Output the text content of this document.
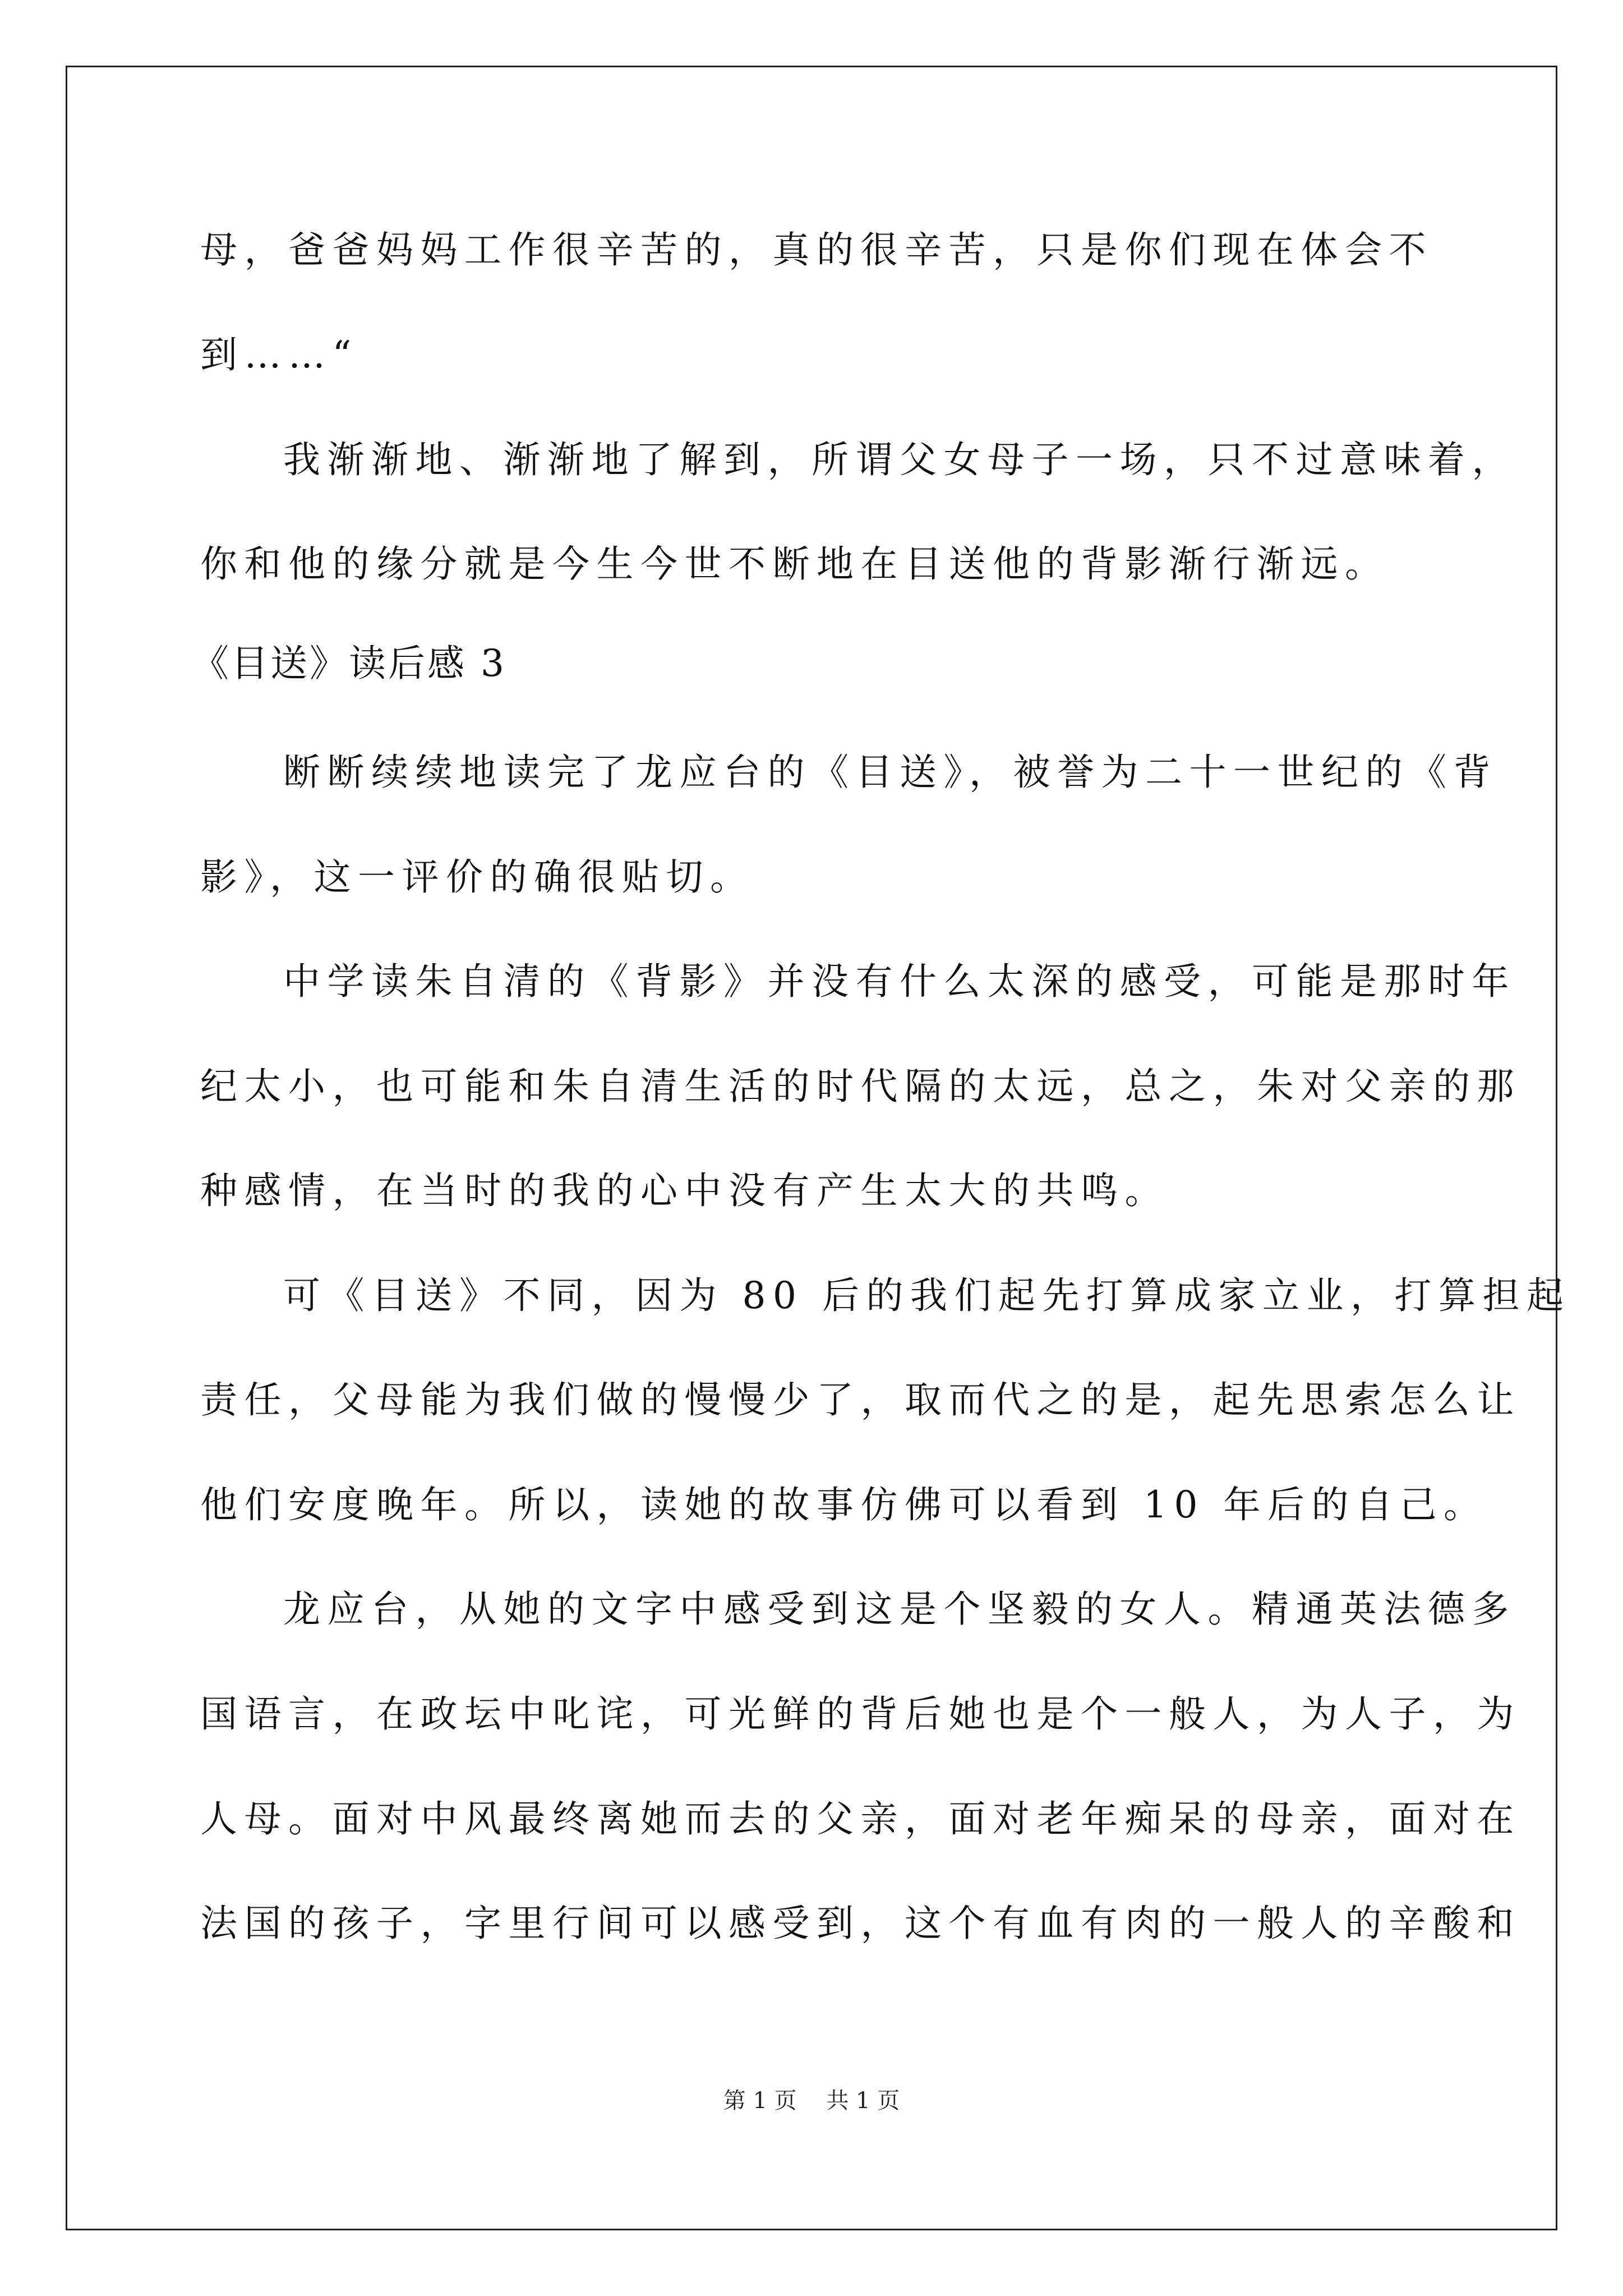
母，爸爸妈妈工作很辛苦的，真的很辛苦，只是你们现在体会不
到……“
我渐渐地、渐渐地了解到，所谓父女母子一场，只不过意味着，
你和他的缘分就是今生今世不断地在目送他的背影渐行渐远。
《目送》读后感 3
断断续续地读完了龙应台的《目送》，被誉为二十一世纪的《背
影》，这一评价的确很贴切。
中学读朱自清的《背影》并没有什么太深的感受，可能是那时年
纪太小，也可能和朱自清生活的时代隔的太远，总之，朱对父亲的那
种感情，在当时的我的心中没有产生太大的共鸣。
可《目送》不同，因为 80 后的我们起先打算成家立业，打算担起
责任，父母能为我们做的慢慢少了，取而代之的是，起先思索怎么让
他们安度晚年。所以，读她的故事仿佛可以看到 10 年后的自己。
龙应台，从她的文字中感受到这是个坚毅的女人。精通英法德多
国语言，在政坛中叱诧，可光鲜的背后她也是个一般人，为人子，为
人母。面对中风最终离她而去的父亲，面对老年痴呆的母亲，面对在
法国的孩子，字里行间可以感受到，这个有血有肉的一般人的辛酸和
第 1 页 共 1 页
